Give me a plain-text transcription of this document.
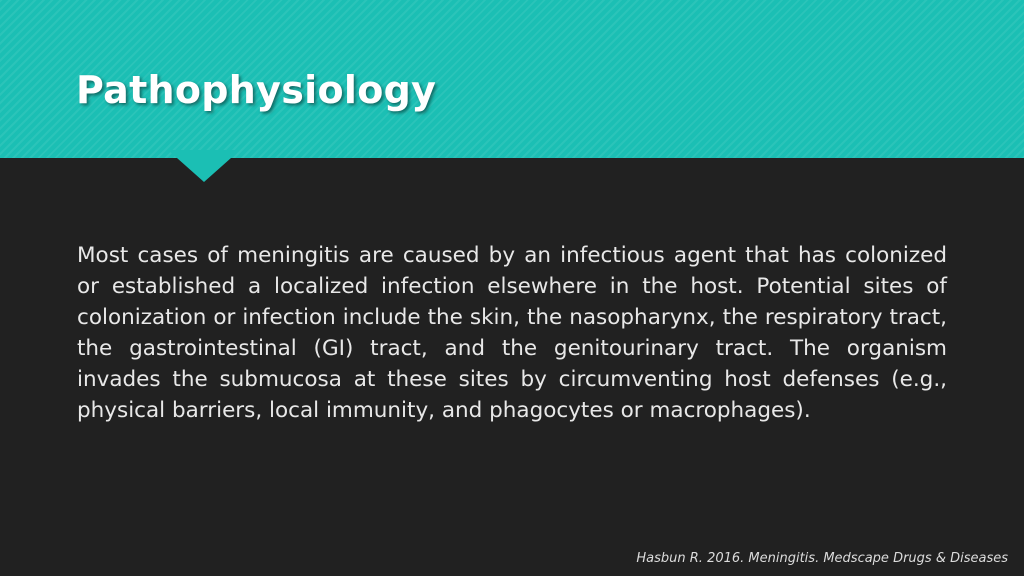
Pathophysiology

Most cases of meningitis are caused by an infectious agent that has colonized or established a localized infection elsewhere in the host. Potential sites of colonization or infection include the skin, the nasopharynx, the respiratory tract, the gastrointestinal (GI) tract, and the genitourinary tract. The organism invades the submucosa at these sites by circumventing host defenses (e.g., physical barriers, local immunity, and phagocytes or macrophages).

Hasbun R. 2016. Meningitis. Medscape Drugs & Diseases
